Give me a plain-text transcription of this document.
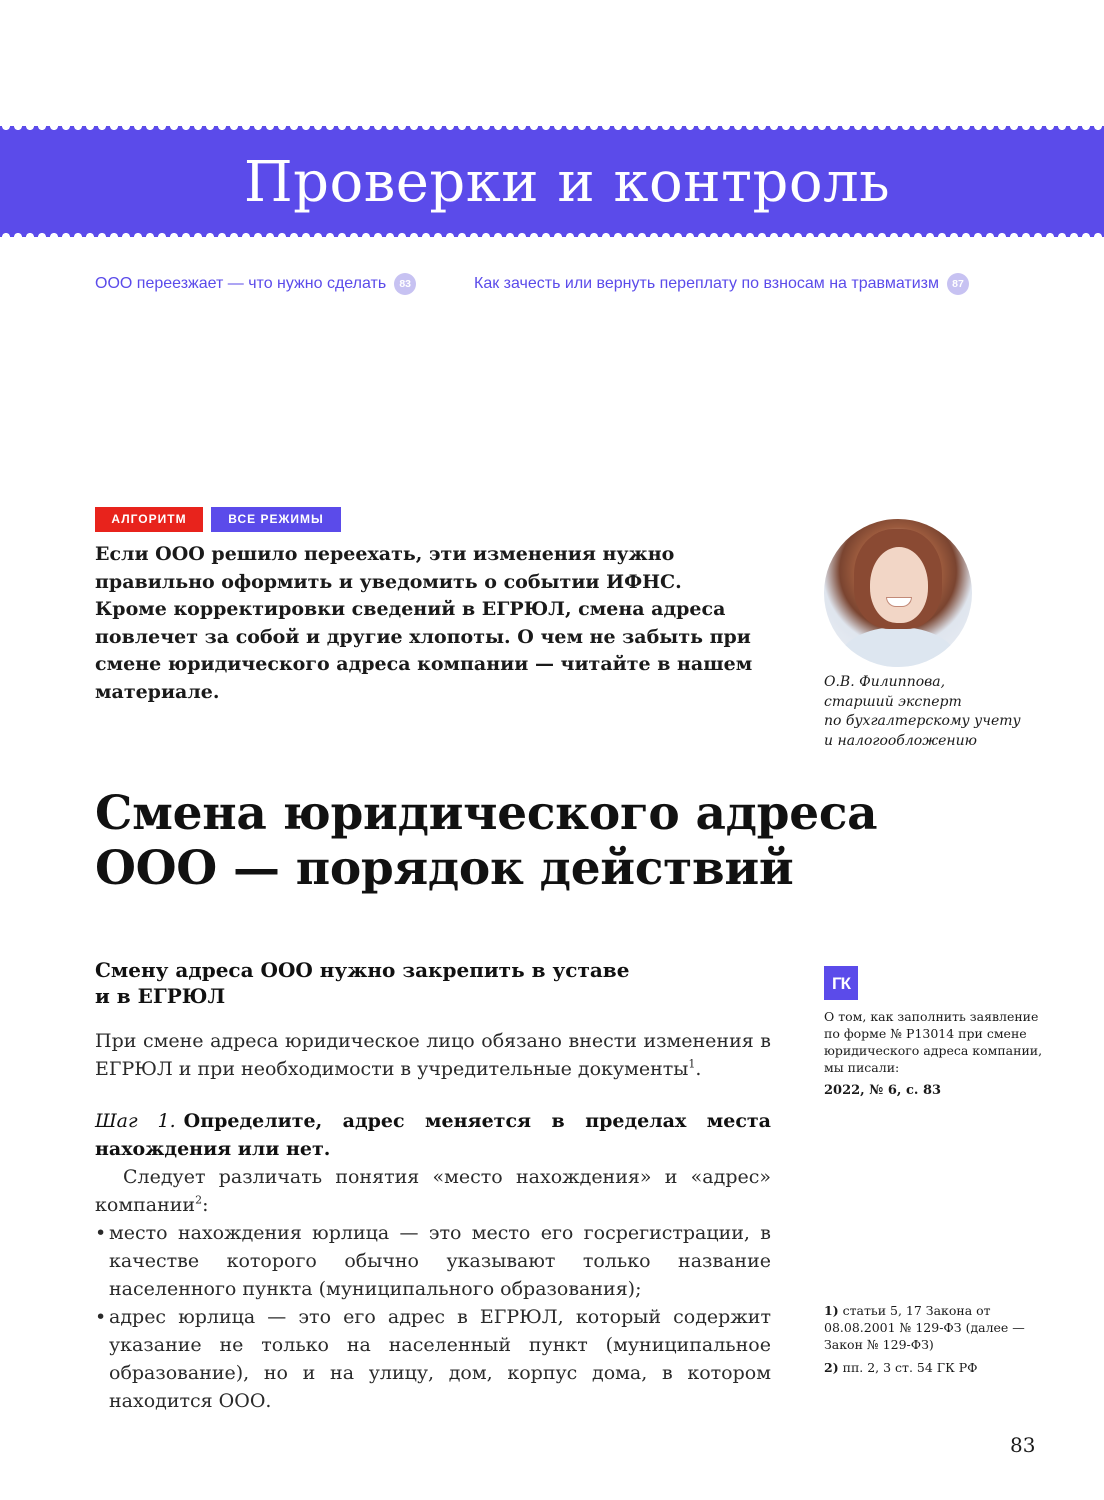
Проверки и контроль
ООО переезжает — что нужно сделать	83	Как зачесть или вернуть переплату по взносам на травматизм	87
АЛГОРИТМ	ВСЕ РЕЖИМЫ
Если ООО решило переехать, эти изменения нужно правильно оформить и уведомить о событии ИФНС. Кроме корректировки сведений в ЕГРЮЛ, смена адреса повлечет за собой и другие хлопоты. О чем не забыть при смене юридического адреса компании — читайте в нашем материале.	О.В. Филиппова,
старший эксперт
по бухгалтерскому учету
и налогообложению
Смена юридического адреса
ООО — порядок действий
Смену адреса ООО нужно закрепить в уставе
и в ЕГРЮЛ
При смене адреса юридическое лицо обязано внести изменения в ЕГРЮЛ и при необходимости в учредительные документы$^1$.
Шаг 1. Определите, адрес меняется в пределах места нахождения или нет.
Следует различать понятия «место нахождения» и «адрес» компании$^2$:
• место нахождения юрлица — это место его госрегистрации, в качестве которого обычно указывают только название населенного пункта (муниципального образования);
• адрес юрлица — это его адрес в ЕГРЮЛ, который содержит указание не только на населенный пункт (муниципальное образование), но и на улицу, дом, корпус дома, в котором находится ООО.
ГК
О том, как заполнить заявление по форме № Р13014 при смене юридического адреса компании, мы писали:
2022, № 6, с. 83
1) статьи 5, 17 Закона от 08.08.2001 № 129-ФЗ (далее — Закон № 129-ФЗ)
2) пп. 2, 3 ст. 54 ГК РФ
83
